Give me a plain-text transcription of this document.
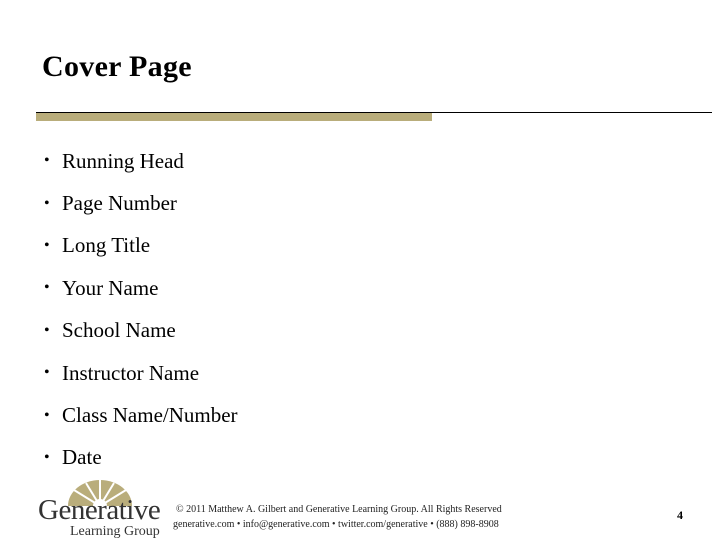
Cover Page
• Running Head
• Page Number
• Long Title
• Your Name
• School Name
• Instructor Name
• Class Name/Number
• Date
Generative
Learning Group
© 2011 Matthew A. Gilbert and Generative Learning Group. All Rights Reserved
generative.com • info@generative.com • twitter.com/generative • (888) 898-8908
4
